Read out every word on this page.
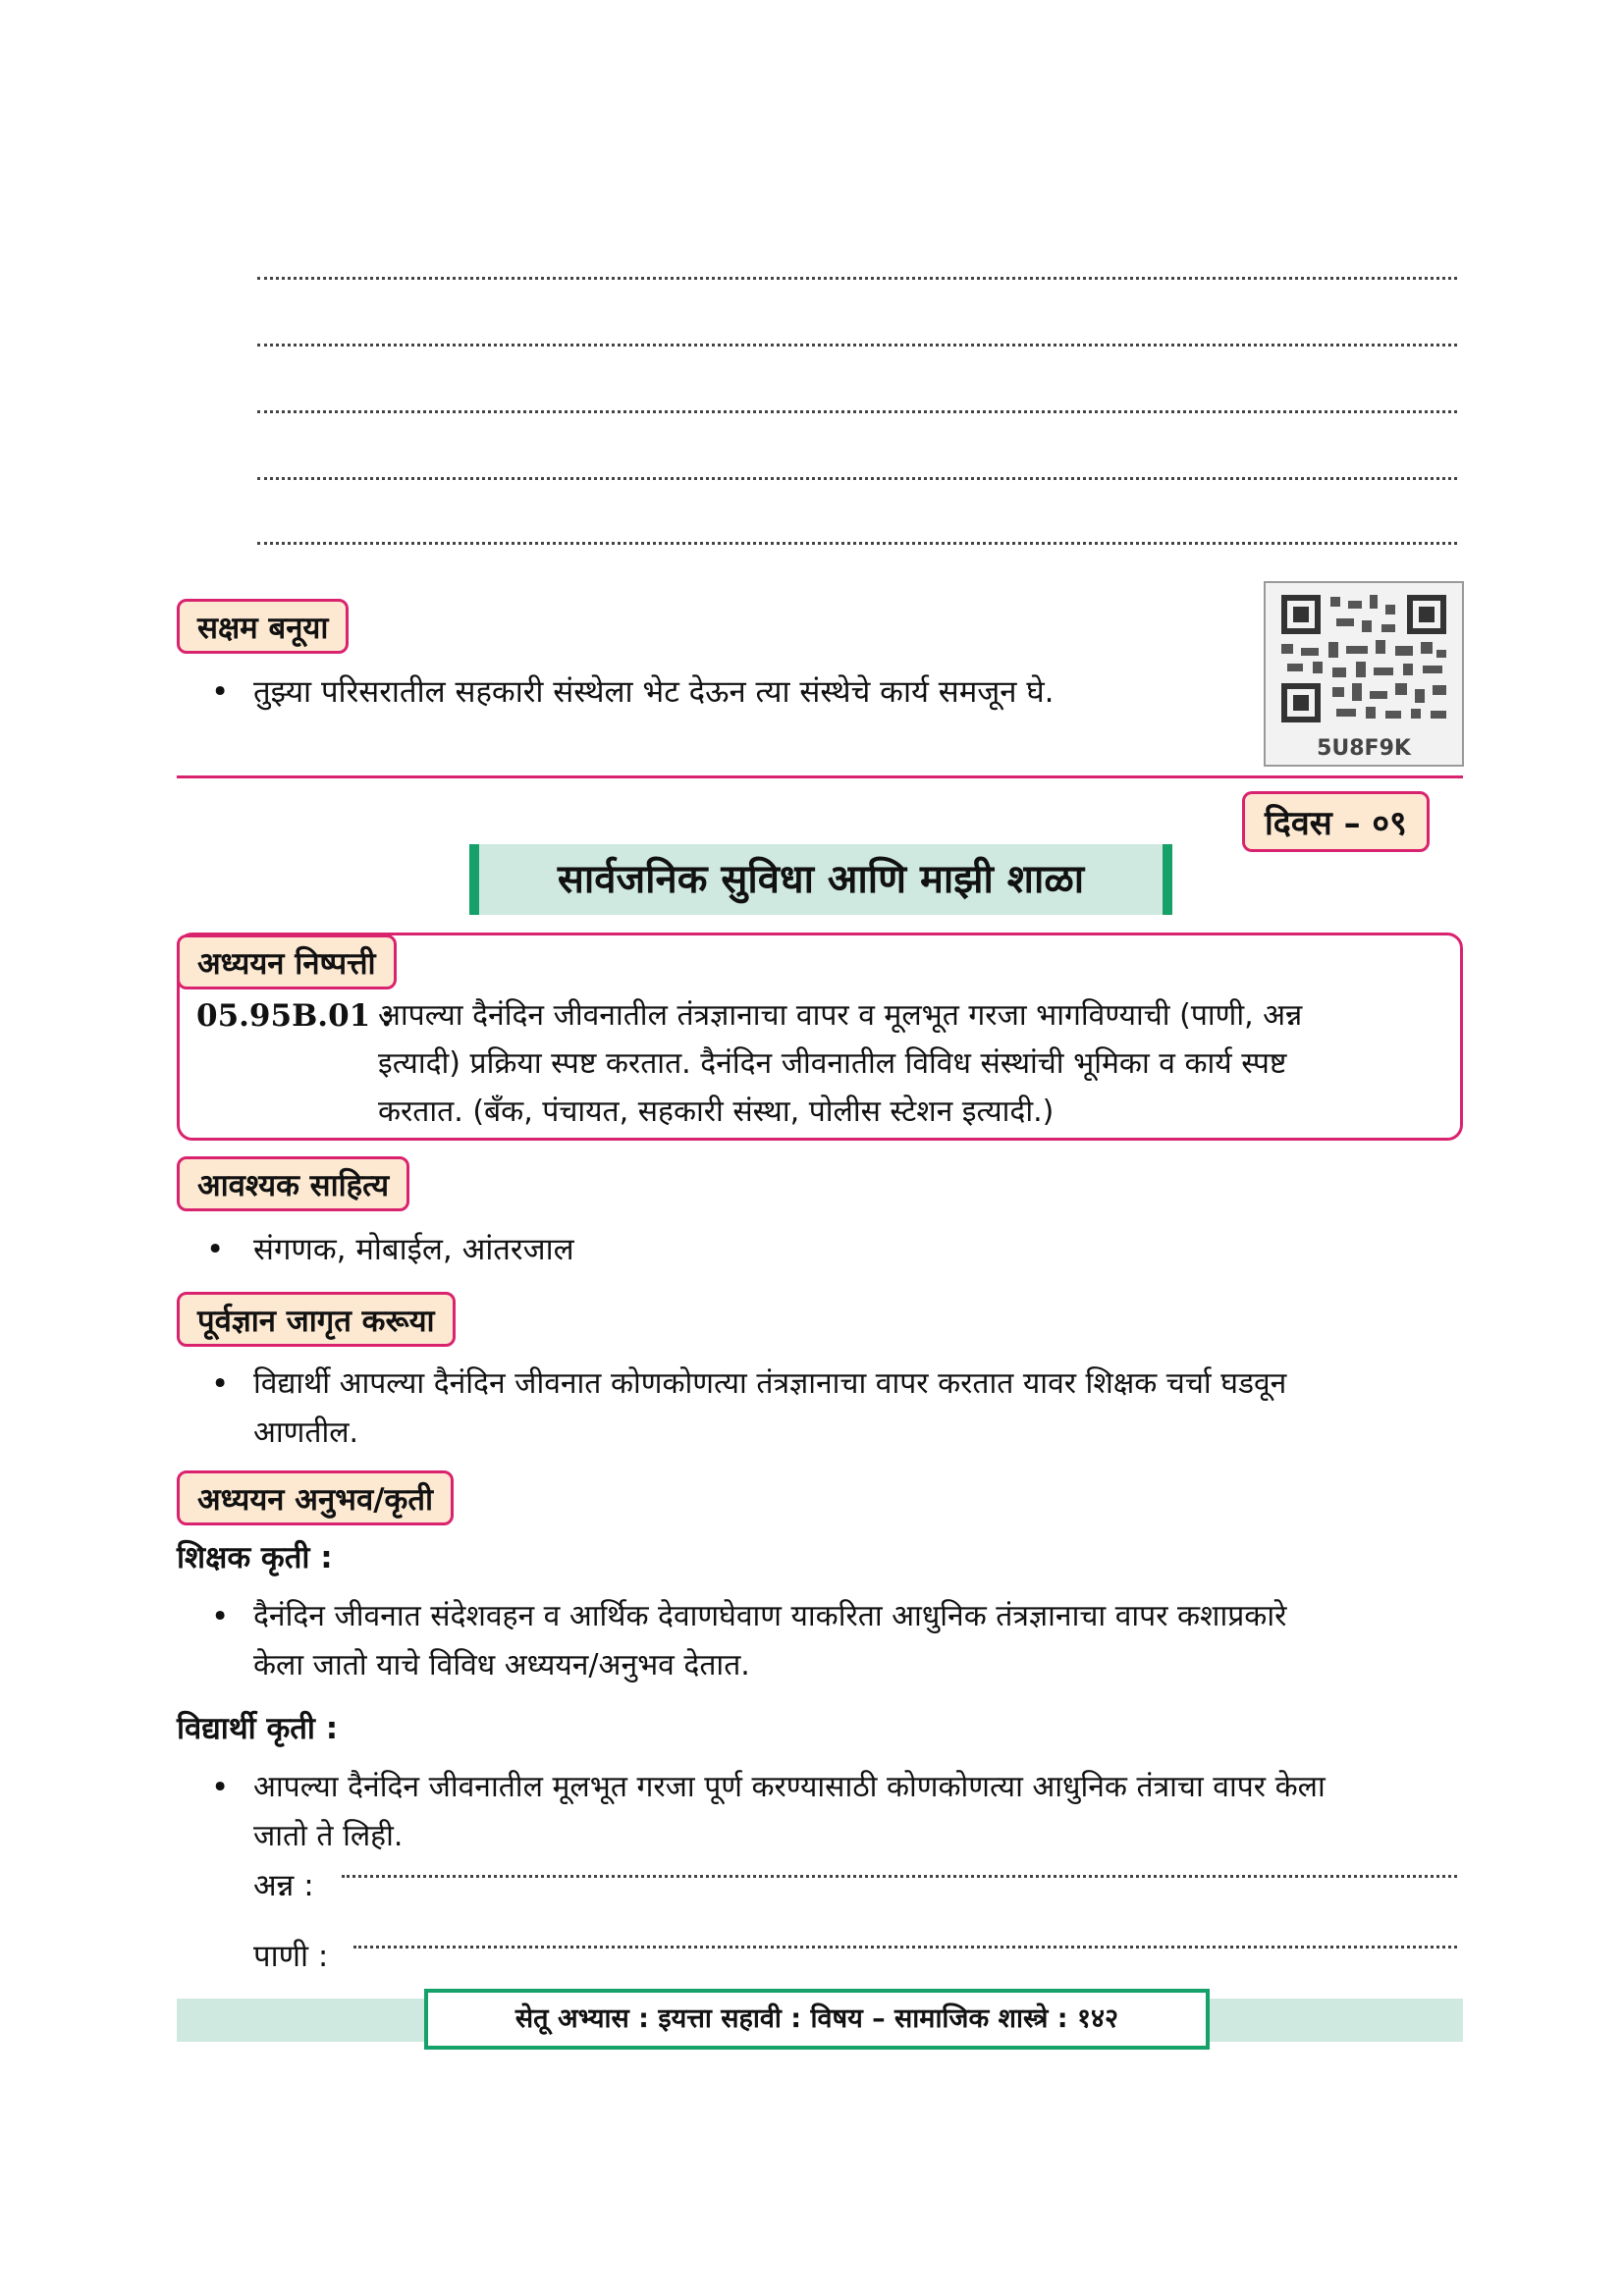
सक्षम बनूया
• तुझ्या परिसरातील सहकारी संस्थेला भेट देऊन त्या संस्थेचे कार्य समजून घे.
5U8F9K
दिवस – ०९
सार्वजनिक सुविधा आणि माझी शाळा
अध्ययन निष्पत्ती
05.95B.01 :
आपल्या दैनंदिन जीवनातील तंत्रज्ञानाचा वापर व मूलभूत गरजा भागविण्याची (पाणी, अन्न
इत्यादी) प्रक्रिया स्पष्ट करतात. दैनंदिन जीवनातील विविध संस्थांची भूमिका व कार्य स्पष्ट
करतात. (बँक, पंचायत, सहकारी संस्था, पोलीस स्टेशन इत्यादी.)
आवश्यक साहित्य
• संगणक, मोबाईल, आंतरजाल
पूर्वज्ञान जागृत करूया
• विद्यार्थी आपल्या दैनंदिन जीवनात कोणकोणत्या तंत्रज्ञानाचा वापर करतात यावर शिक्षक चर्चा घडवून
आणतील.
अध्ययन अनुभव/कृती
शिक्षक कृती :
• दैनंदिन जीवनात संदेशवहन व आर्थिक देवाणघेवाण याकरिता आधुनिक तंत्रज्ञानाचा वापर कशाप्रकारे
केला जातो याचे विविध अध्ययन/अनुभव देतात.
विद्यार्थी कृती :
• आपल्या दैनंदिन जीवनातील मूलभूत गरजा पूर्ण करण्यासाठी कोणकोणत्या आधुनिक तंत्राचा वापर केला
जातो ते लिही.
अन्न :
पाणी :
सेतू अभ्यास : इयत्ता सहावी : विषय – सामाजिक शास्त्रे : १४२
